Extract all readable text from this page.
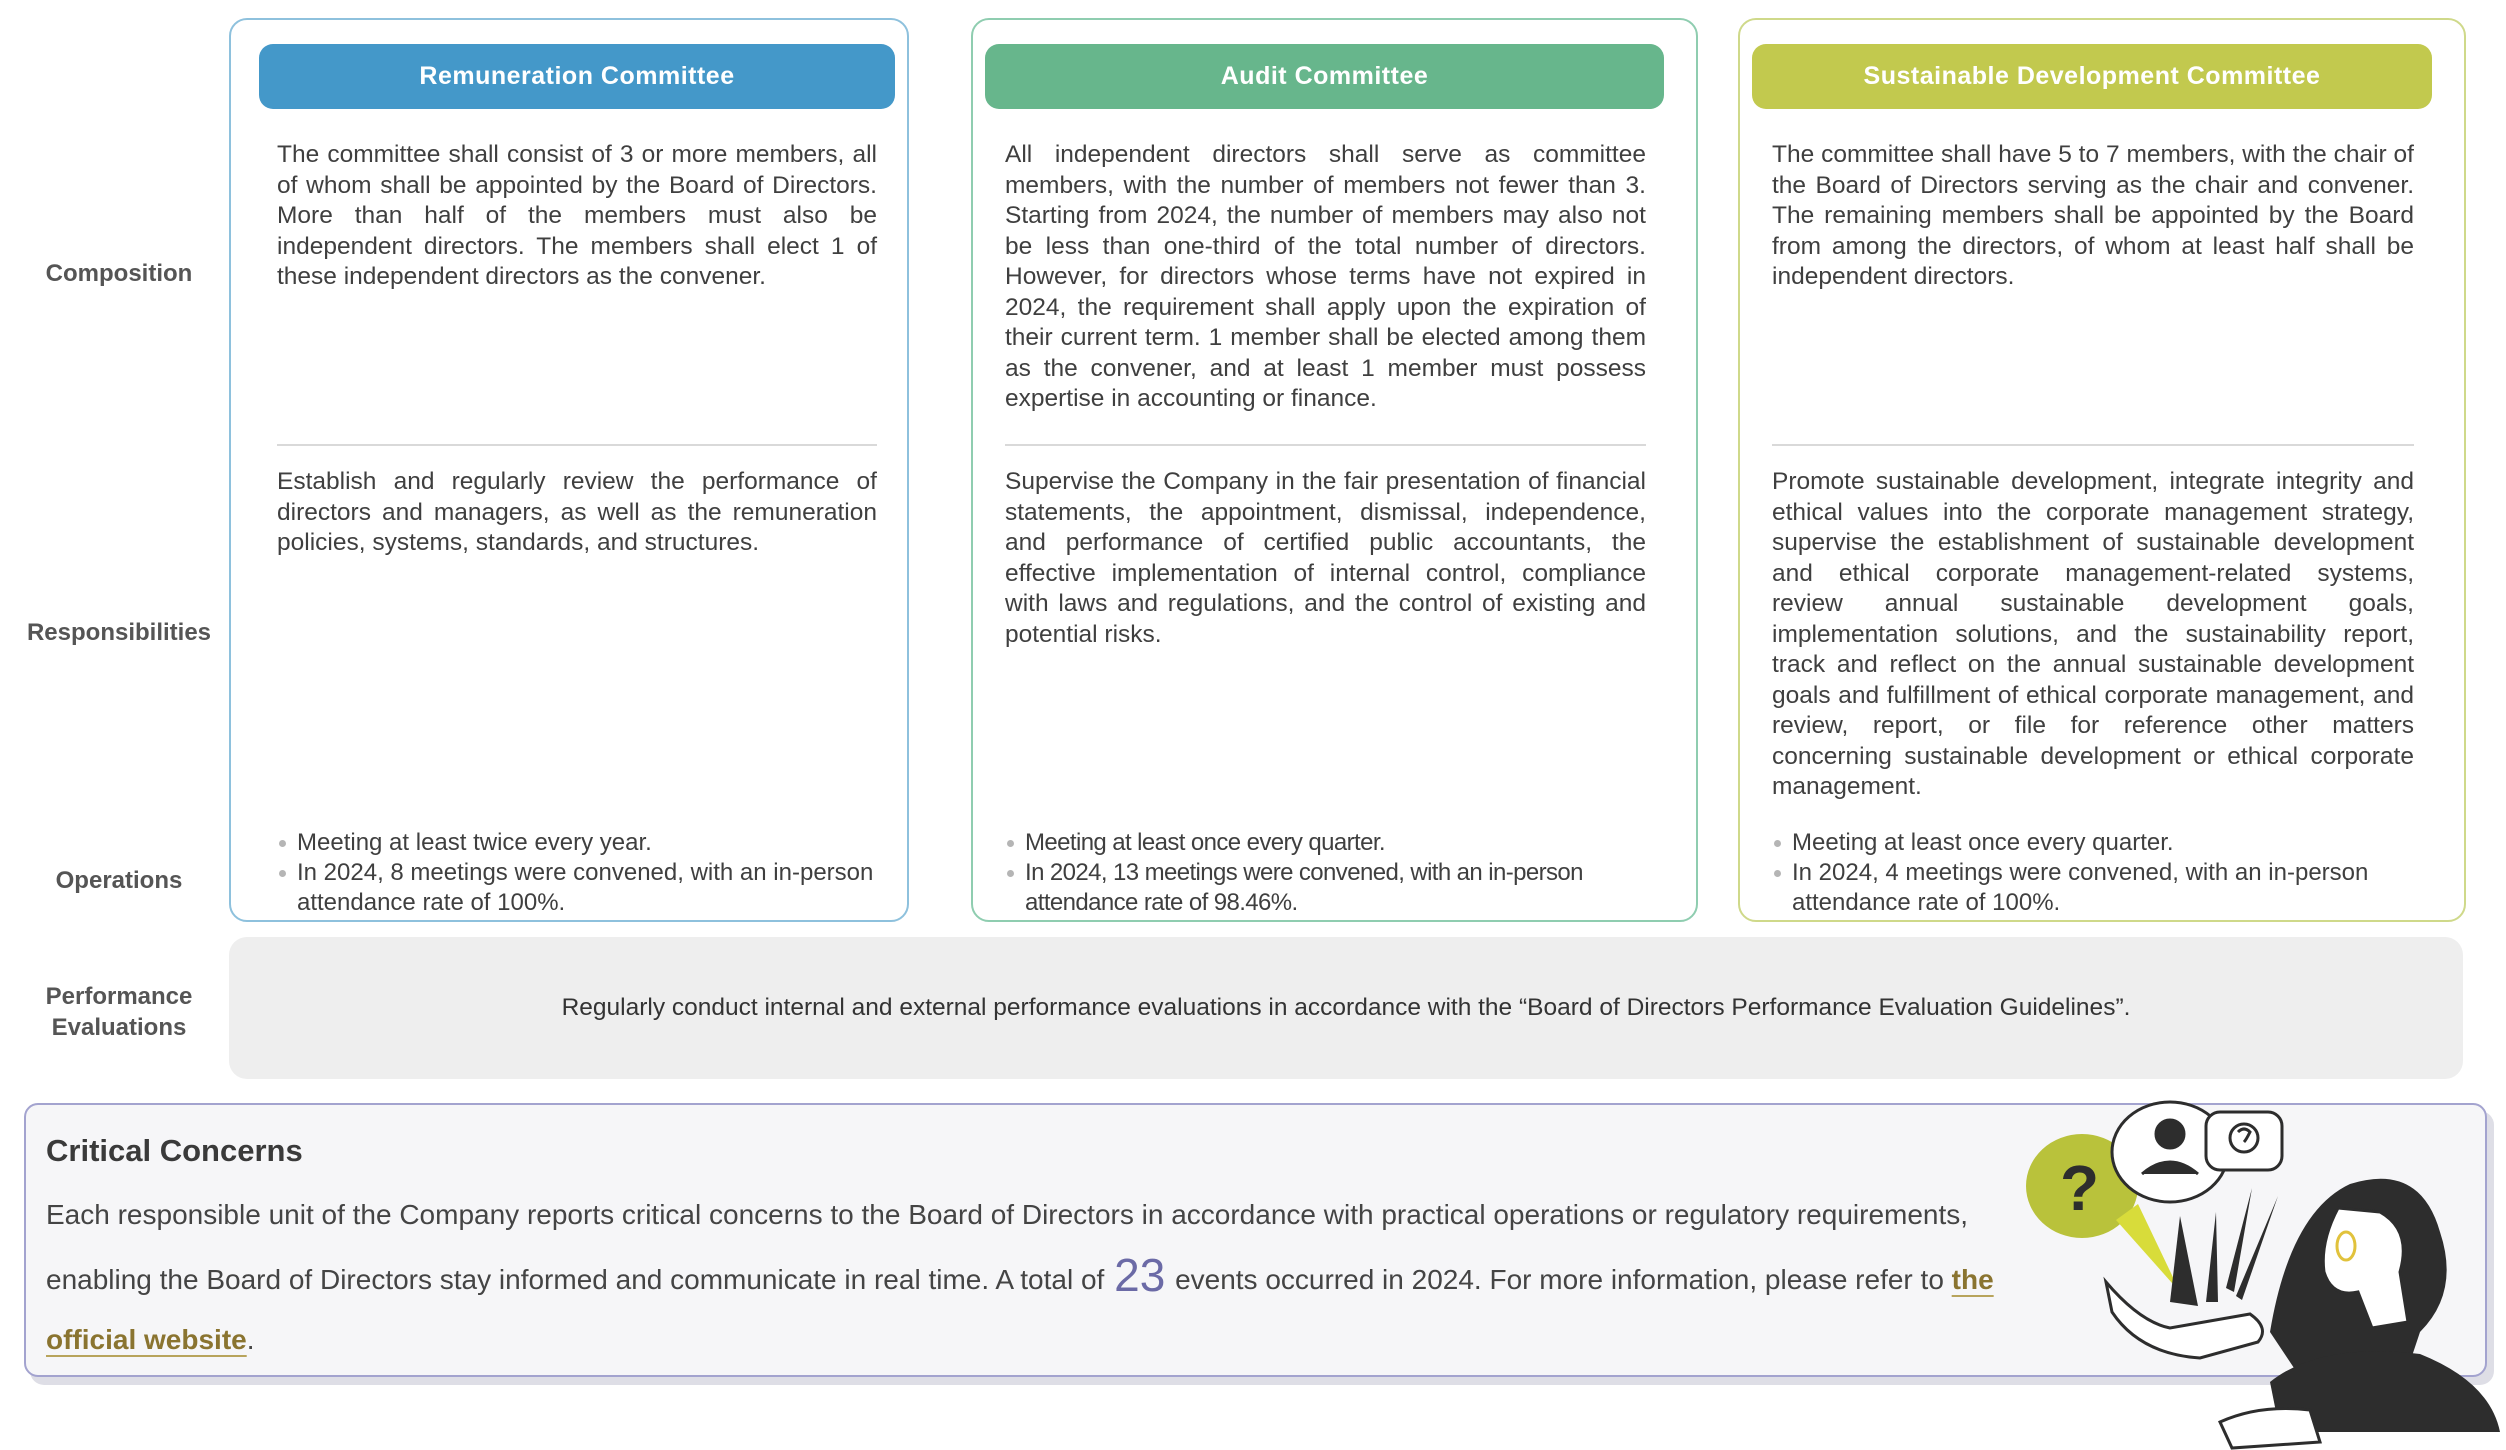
Composition
Responsibilities
Operations
Performance
Evaluations
Remuneration Committee
The committee shall consist of 3 or more members, all of whom shall be appointed by the Board of Directors. More than half of the members must also be independent directors. The members shall elect 1 of these independent directors as the convener.
Establish and regularly review the performance of directors and managers, as well as the remuneration policies, systems, standards, and structures.
Meeting at least twice every year.
In 2024, 8 meetings were convened, with an in-person attendance rate of 100%.
Audit Committee
All independent directors shall serve as committee members, with the number of members not fewer than 3. Starting from 2024, the number of members may also not be less than one-third of the total number of directors. However, for directors whose terms have not expired in 2024, the requirement shall apply upon the expiration of their current term. 1 member shall be elected among them as the convener, and at least 1 member must possess expertise in accounting or finance.
Supervise the Company in the fair presentation of financial statements, the appointment, dismissal, independence, and performance of certified public accountants, the effective implementation of internal control, compliance with laws and regulations, and the control of existing and potential risks.
Meeting at least once every quarter.
In 2024, 13 meetings were convened, with an in-person attendance rate of 98.46%.
Sustainable Development Committee
The committee shall have 5 to 7 members, with the chair of the Board of Directors serving as the chair and convener. The remaining members shall be appointed by the Board from among the directors, of whom at least half shall be independent directors.
Promote sustainable development, integrate integrity and ethical values into the corporate management strategy, supervise the establishment of sustainable development and ethical corporate management-related systems, review annual sustainable development goals, implementation solutions, and the sustainability report, track and reflect on the annual sustainable development goals and fulfillment of ethical corporate management, and review, report, or file for reference other matters concerning sustainable development or ethical corporate management.
Meeting at least once every quarter.
In 2024, 4 meetings were convened, with an in-person attendance rate of 100%.
Regularly conduct internal and external performance evaluations in accordance with the “Board of Directors Performance Evaluation Guidelines”.
Critical Concerns
Each responsible unit of the Company reports critical concerns to the Board of Directors in accordance with practical operations or regulatory requirements, enabling the Board of Directors stay informed and communicate in real time. A total of 23 events occurred in 2024. For more information, please refer to the official website.
?
